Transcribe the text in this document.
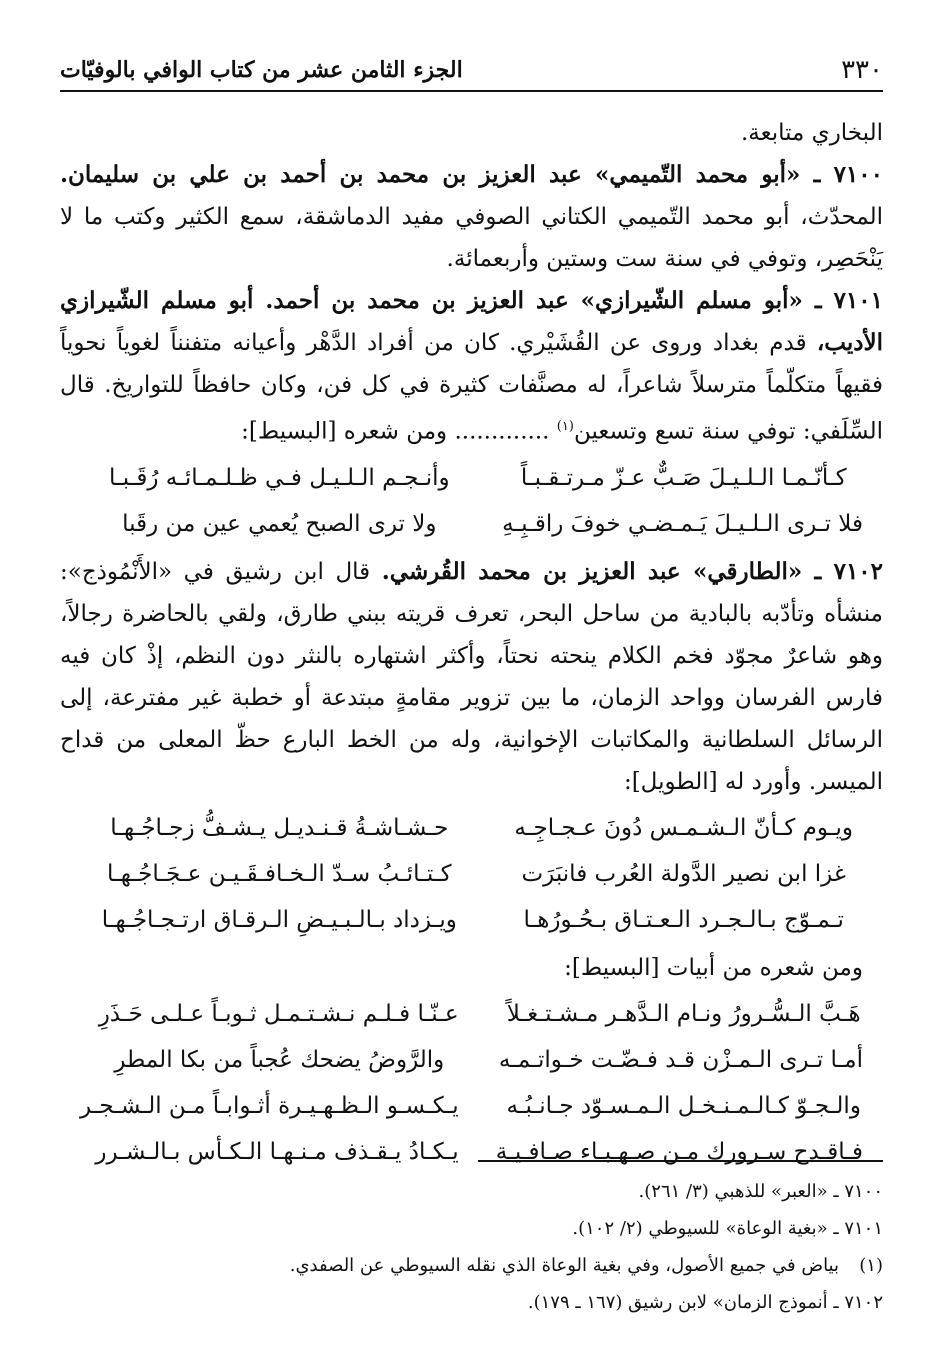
٣٣٠
الجزء الثامن عشر من كتاب الوافي بالوفيّات

البخاري متابعة.

٧١٠٠ ـ «أبو محمد التّميمي» عبد العزيز بن محمد بن أحمد بن علي بن سليمان. المحدّث، أبو محمد التّميمي الكتاني الصوفي مفيد الدماشقة، سمع الكثير وكتب ما لا يَنْحَصِر، وتوفي في سنة ست وستين وأربعمائة.

٧١٠١ ـ «أبو مسلم الشّيرازي» عبد العزيز بن محمد بن أحمد. أبو مسلم الشّيرازي الأديب، قدم بغداد وروى عن القُشَيْري. كان من أفراد الدَّهْر وأعيانه متفنناً لغوياً نحوياً فقيهاً متكلّماً مترسلاً شاعراً، له مصنَّفات كثيرة في كل فن، وكان حافظاً للتواريخ. قال السِّلَفي: توفي سنة تسع وتسعين$^{(١)}$ ............. ومن شعره [البسيط]:

كـأنّـمـا الـلـيـلَ صَـبٌّ عـزّ مـرتـقـبـاً
وأنـجـم الـلـيـل فـي ظـلـمـائـه رُقَـبـا
فلا تـرى الـلـيـلَ يَـمـضـي خوفَ راقـبِـهِ
ولا ترى الصبح يُعمي عين من رقَبا

٧١٠٢ ـ «الطارقي» عبد العزيز بن محمد القُرشي. قال ابن رشيق في «الأَنْمُوذج»: منشأه وتأدّبه بالبادية من ساحل البحر، تعرف قريته ببني طارق، ولقي بالحاضرة رجالاً، وهو شاعرٌ مجوّد فخم الكلام ينحته نحتاً، وأكثر اشتهاره بالنثر دون النظم، إذْ كان فيه فارس الفرسان وواحد الزمان، ما بين تزوير مقامةٍ مبتدعة أو خطبة غير مفترعة، إلى الرسائل السلطانية والمكاتبات الإخوانية، وله من الخط البارع حظّ المعلى من قداح الميسر. وأورد له [الطويل]:

ويـوم كـأنّ الـشـمـس دُونَ عـجـاجِـه
حـشـاشـةُ قـنـديـل يـشـفُّ زجـاجُـهـا
غزا ابن نصير الدَّولة العُرب فانبَرَت
كـتـائـبُ سـدّ الـخـافـقَـيـن عـجَـاجُـهـا
تـمـوّج بـالـجـرد الـعـتـاق بـحُـورُهـا
ويـزداد بـالـبـيـضِ الـرقـاق ارتـجـاجُـهـا

ومن شعره من أبيات [البسيط]:

هَـبَّ الـسُّـرورُ ونـام الـدَّهـر مـشـتـغـلاً
عـنّـا فـلـم نـشـتـمـل ثـوبـاً عـلـى حَـذَرِ
أمـا تـرى الـمـزْن قـد فـضّـت خـواتـمـه
والرَّوضُ يضحك عُجباً من بكا المطرِ
والـجـوّ كـالـمـنـخـل الـمـسـوّد جـانـبُـه
يـكـسـو الـظـهـيـرة أثـوابـاً مـن الـشـجـر
فـاقـدح سـرورك مـن صـهـبـاء صـافـيـة
يـكـادُ يـقـذف مـنـهـا الـكـأس بـالـشـرر

٧١٠٠ ـ «العبر» للذهبي (٣/ ٢٦١).

٧١٠١ ـ «بغية الوعاة» للسيوطي (٢/ ١٠٢).

(١)بياض في جميع الأصول، وفي بغية الوعاة الذي نقله السيوطي عن الصفدي.

٧١٠٢ ـ أنموذج الزمان» لابن رشيق (١٦٧ ـ ١٧٩).
